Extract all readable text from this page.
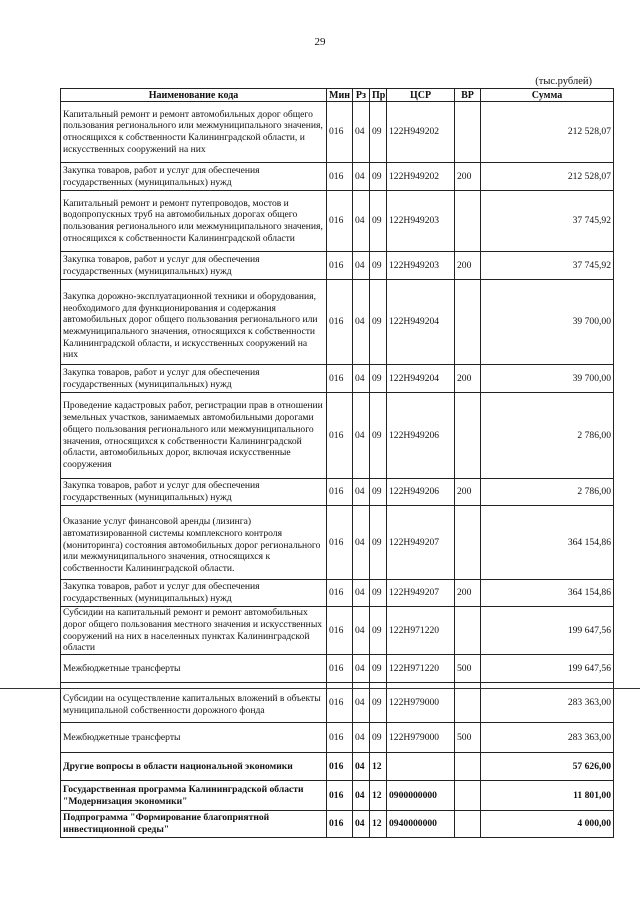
29
(тыс.рублей)
Наименование кода	Мин	Рз	Пр	ЦСР	ВР	Сумма
Капитальный ремонт и ремонт автомобильных дорог общего пользования регионального или межмуниципального значения, относящихся к собственности Калининградской области, и искусственных сооружений на них	016	04	09	122Н949202		212 528,07
Закупка товаров, работ и услуг для обеспечения государственных (муниципальных) нужд	016	04	09	122Н949202	200	212 528,07
Капитальный ремонт и ремонт путепроводов, мостов и водопропускных труб на автомобильных дорогах общего пользования регионального или межмуниципального значения, относящихся к собственности Калининградской области	016	04	09	122Н949203		37 745,92
Закупка товаров, работ и услуг для обеспечения государственных (муниципальных) нужд	016	04	09	122Н949203	200	37 745,92
Закупка дорожно-эксплуатационной техники и оборудования, необходимого для функционирования и содержания автомобильных дорог общего пользования регионального или межмуниципального значения, относящихся к собственности Калининградской области, и искусственных сооружений на них	016	04	09	122Н949204		39 700,00
Закупка товаров, работ и услуг для обеспечения государственных (муниципальных) нужд	016	04	09	122Н949204	200	39 700,00
Проведение кадастровых работ, регистрации прав в отношении земельных участков, занимаемых автомобильными дорогами общего пользования регионального или межмуниципального значения, относящихся к собственности Калининградской области, автомобильных дорог, включая искусственные сооружения	016	04	09	122Н949206		2 786,00
Закупка товаров, работ и услуг для обеспечения государственных (муниципальных) нужд	016	04	09	122Н949206	200	2 786,00
Оказание услуг финансовой аренды (лизинга) автоматизированной системы комплексного контроля (мониторинга) состояния автомобильных дорог регионального или межмуниципального значения, относящихся к собственности Калининградской области.	016	04	09	122Н949207		364 154,86
Закупка товаров, работ и услуг для обеспечения государственных (муниципальных) нужд	016	04	09	122Н949207	200	364 154,86
Субсидии на капитальный ремонт и ремонт автомобильных дорог общего пользования местного значения и искусственных сооружений на них в населенных пунктах Калининградской области	016	04	09	122Н971220		199 647,56
Межбюджетные трансферты	016	04	09	122Н971220	500	199 647,56
Субсидии на осуществление капитальных вложений в объекты муниципальной собственности дорожного фонда	016	04	09	122Н979000		283 363,00
Межбюджетные трансферты	016	04	09	122Н979000	500	283 363,00
Другие вопросы в области национальной экономики	016	04	12			57 626,00
Государственная программа Калининградской области "Модернизация экономики"	016	04	12	0900000000		11 801,00
Подпрограмма "Формирование благоприятной инвестиционной среды"	016	04	12	0940000000		4 000,00
